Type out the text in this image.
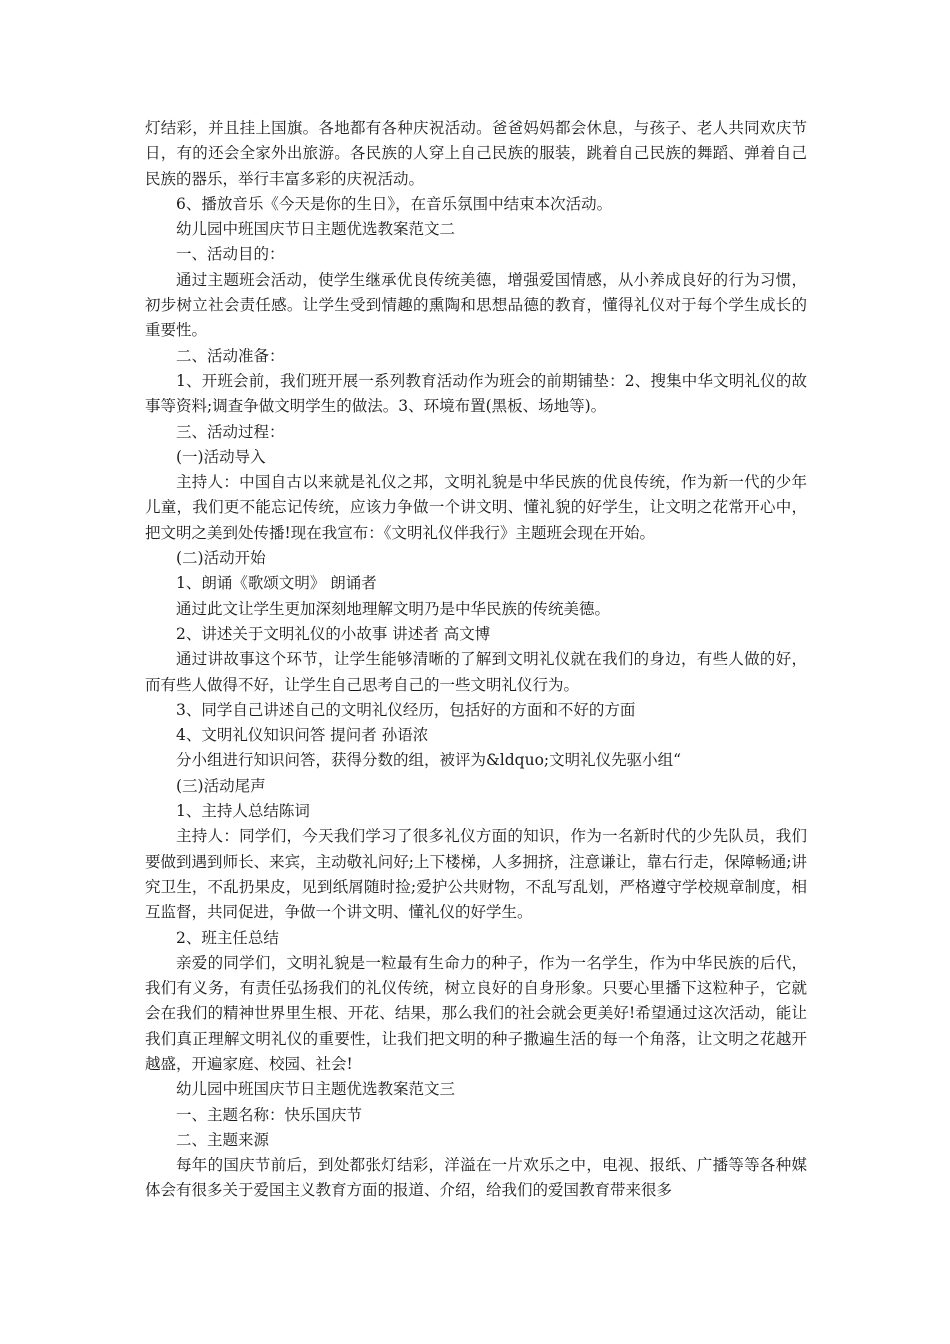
灯结彩，并且挂上国旗。各地都有各种庆祝活动。爸爸妈妈都会休息，与孩子、老人共同欢庆节日，有的还会全家外出旅游。各民族的人穿上自己民族的服装，跳着自己民族的舞蹈、弹着自己民族的器乐，举行丰富多彩的庆祝活动。

6、播放音乐《今天是你的生日》，在音乐氛围中结束本次活动。

幼儿园中班国庆节日主题优选教案范文二

一、活动目的：

通过主题班会活动，使学生继承优良传统美德，增强爱国情感，从小养成良好的行为习惯，初步树立社会责任感。让学生受到情趣的熏陶和思想品德的教育，懂得礼仪对于每个学生成长的重要性。

二、活动准备：

1、开班会前，我们班开展一系列教育活动作为班会的前期铺垫：2、搜集中华文明礼仪的故事等资料;调查争做文明学生的做法。3、环境布置(黑板、场地等)。

三、活动过程：

(一)活动导入

主持人：中国自古以来就是礼仪之邦，文明礼貌是中华民族的优良传统，作为新一代的少年儿童，我们更不能忘记传统，应该力争做一个讲文明、懂礼貌的好学生，让文明之花常开心中，把文明之美到处传播!现在我宣布：《文明礼仪伴我行》主题班会现在开始。

(二)活动开始

1、朗诵《歌颂文明》 朗诵者

通过此文让学生更加深刻地理解文明乃是中华民族的传统美德。

2、讲述关于文明礼仪的小故事 讲述者 高文博

通过讲故事这个环节，让学生能够清晰的了解到文明礼仪就在我们的身边，有些人做的好，而有些人做得不好，让学生自己思考自己的一些文明礼仪行为。

3、同学自己讲述自己的文明礼仪经历，包括好的方面和不好的方面

4、文明礼仪知识问答 提问者 孙语浓

分小组进行知识问答，获得分数的组，被评为&ldquo;文明礼仪先驱小组“

(三)活动尾声

1、主持人总结陈词

主持人：同学们，今天我们学习了很多礼仪方面的知识，作为一名新时代的少先队员，我们要做到遇到师长、来宾，主动敬礼问好;上下楼梯，人多拥挤，注意谦让，靠右行走，保障畅通;讲究卫生，不乱扔果皮，见到纸屑随时捡;爱护公共财物，不乱写乱划，严格遵守学校规章制度，相互监督，共同促进，争做一个讲文明、懂礼仪的好学生。

2、班主任总结

亲爱的同学们，文明礼貌是一粒最有生命力的种子，作为一名学生，作为中华民族的后代，我们有义务，有责任弘扬我们的礼仪传统，树立良好的自身形象。只要心里播下这粒种子，它就会在我们的精神世界里生根、开花、结果，那么我们的社会就会更美好!希望通过这次活动，能让我们真正理解文明礼仪的重要性，让我们把文明的种子撒遍生活的每一个角落，让文明之花越开越盛，开遍家庭、校园、社会!

幼儿园中班国庆节日主题优选教案范文三

一、主题名称：快乐国庆节

二、主题来源

每年的国庆节前后，到处都张灯结彩，洋溢在一片欢乐之中，电视、报纸、广播等等各种媒体会有很多关于爱国主义教育方面的报道、介绍，给我们的爱国教育带来很多
